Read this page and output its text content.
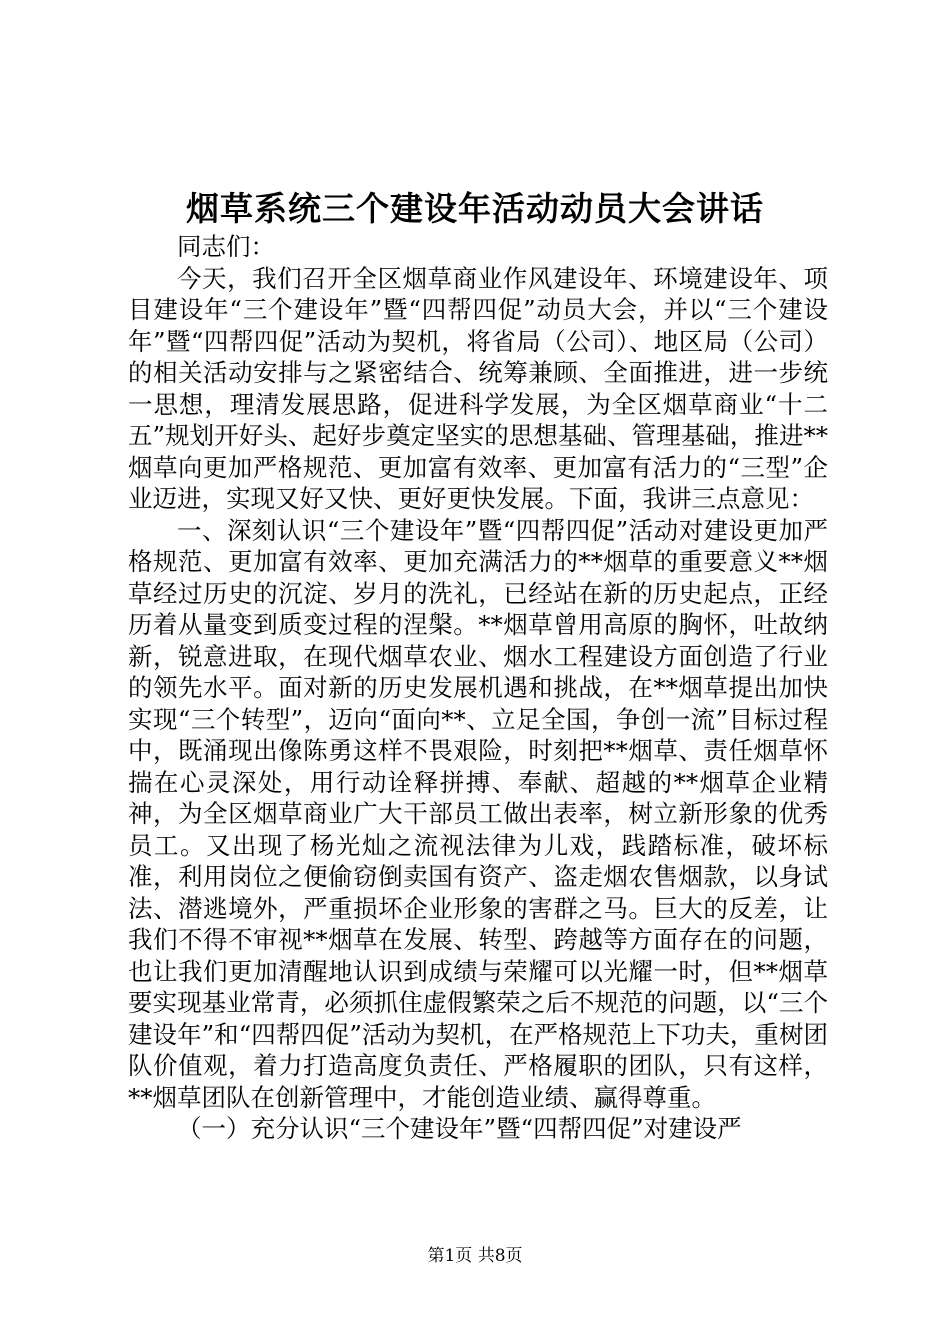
烟草系统三个建设年活动动员大会讲话

同志们：

今天，我们召开全区烟草商业作风建设年、环境建设年、项目建设年“三个建设年”暨“四帮四促”动员大会，并以“三个建设年”暨“四帮四促”活动为契机，将省局（公司）、地区局（公司）的相关活动安排与之紧密结合、统筹兼顾、全面推进，进一步统一思想，理清发展思路，促进科学发展，为全区烟草商业“十二五”规划开好头、起好步奠定坚实的思想基础、管理基础，推进**烟草向更加严格规范、更加富有效率、更加富有活力的“三型”企业迈进，实现又好又快、更好更快发展。下面，我讲三点意见：

一、深刻认识“三个建设年”暨“四帮四促”活动对建设更加严格规范、更加富有效率、更加充满活力的**烟草的重要意义**烟草经过历史的沉淀、岁月的洗礼，已经站在新的历史起点，正经历着从量变到质变过程的涅槃。**烟草曾用高原的胸怀，吐故纳新，锐意进取，在现代烟草农业、烟水工程建设方面创造了行业的领先水平。面对新的历史发展机遇和挑战，在**烟草提出加快实现“三个转型”，迈向“面向**、立足全国，争创一流”目标过程中，既涌现出像陈勇这样不畏艰险，时刻把**烟草、责任烟草怀揣在心灵深处，用行动诠释拼搏、奉献、超越的**烟草企业精神，为全区烟草商业广大干部员工做出表率，树立新形象的优秀员工。又出现了杨光灿之流视法律为儿戏，践踏标准，破坏标准，利用岗位之便偷窃倒卖国有资产、盗走烟农售烟款，以身试法、潜逃境外，严重损坏企业形象的害群之马。巨大的反差，让我们不得不审视**烟草在发展、转型、跨越等方面存在的问题，也让我们更加清醒地认识到成绩与荣耀可以光耀一时，但**烟草要实现基业常青，必须抓住虚假繁荣之后不规范的问题，以“三个建设年”和“四帮四促”活动为契机，在严格规范上下功夫，重树团队价值观，着力打造高度负责任、严格履职的团队，只有这样，**烟草团队在创新管理中，才能创造业绩、赢得尊重。

（一）充分认识“三个建设年”暨“四帮四促”对建设严

第1页 共8页
